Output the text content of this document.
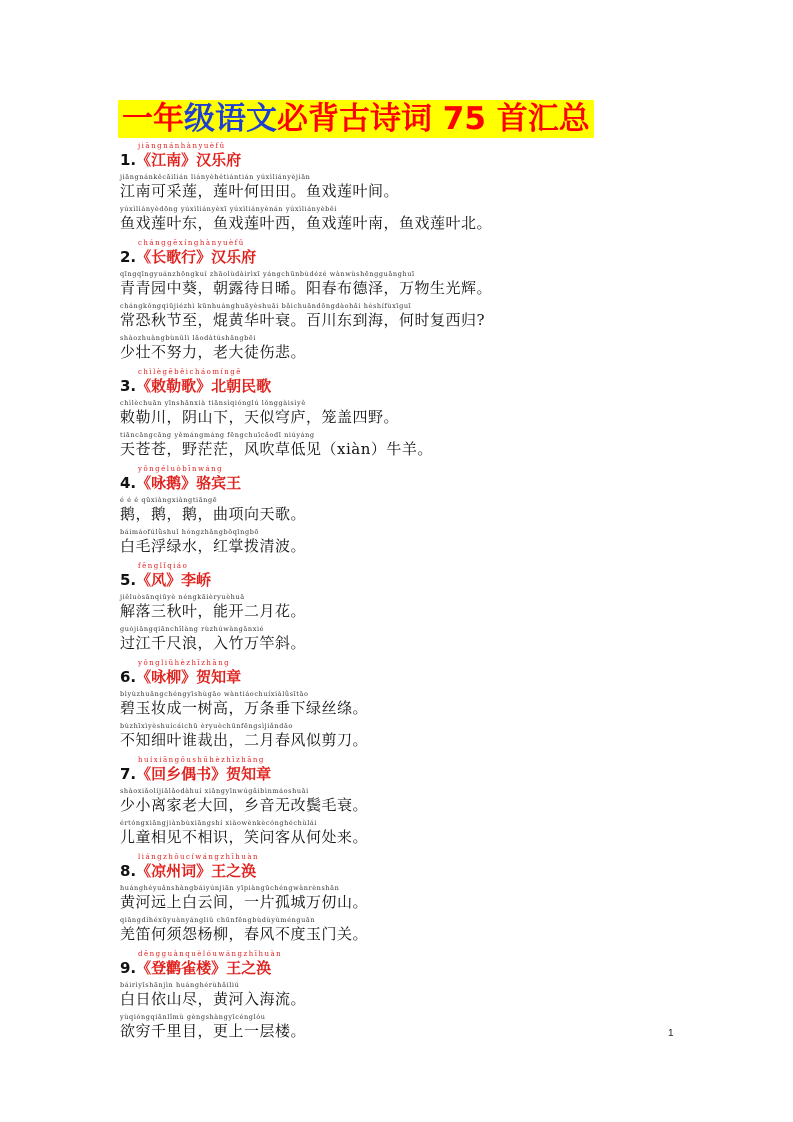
一年级语文必背古诗词 75 首汇总
jiāngnánhànyuèfǔ
1.《江南》汉乐府
jiāngnánkěcǎilián liányèhétiántián yúxìliányèjiān
江南可采莲，莲叶何田田。鱼戏莲叶间。
yúxìliányèdōng yúxìliányèxī yúxìliányènán yúxìliányèběi
鱼戏莲叶东，鱼戏莲叶西，鱼戏莲叶南，鱼戏莲叶北。
chánggēxínghànyuèfǔ
2.《长歌行》汉乐府
qīngqīngyuánzhōngkuí zhāolùdàirìxī yángchūnbùdézé wànwùshēngguānghuī
青青园中葵，朝露待日晞。阳春布德泽，万物生光辉。
chángkǒngqiūjiézhì kūnhuánghuāyèshuāi bǎichuāndōngdàohǎi héshífùxīguī
常恐秋节至，焜黄华叶衰。百川东到海，何时复西归?
shàozhuàngbùnǔlì lǎodàtúshāngbēi
少壮不努力，老大徒伤悲。
chìlègēběicháomíngē
3.《敕勒歌》北朝民歌
chìlèchuān yīnshānxià tiānsìqiónglú lǒnggàisìyě
敕勒川，阴山下，天似穹庐，笼盖四野。
tiāncāngcāng yěmángmáng fēngchuīcǎodī niúyáng
天苍苍，野茫茫，风吹草低见（xiàn）牛羊。
yǒngéluòbīnwáng
4.《咏鹅》骆宾王
é é é qūxiàngxiàngtiāngē
鹅，鹅，鹅，曲项向天歌。
báimáofúlǜshuǐ hóngzhǎngbōqīngbō
白毛浮绿水，红掌拨清波。
fēnglǐqiáo
5.《风》李峤
jiěluòsānqiūyè néngkāièryuèhuā
解落三秋叶，能开二月花。
guòjiāngqiānchǐlàng rùzhúwàngānxié
过江千尺浪，入竹万竿斜。
yǒngliǔhèzhīzhāng
6.《咏柳》贺知章
bìyùzhuāngchéngyīshùgāo wàntiáochuíxiàlǜsītāo
碧玉妆成一树高，万条垂下绿丝绦。
bùzhīxìyèshuícáichū èryuèchūnfēngsìjiǎndāo
不知细叶谁裁出，二月春风似剪刀。
huíxiāngǒushūhèzhīzhāng
7.《回乡偶书》贺知章
shàoxiǎolíjiālǎodàhuí xiāngyīnwúgǎibìnmáoshuāi
少小离家老大回，乡音无改鬓毛衰。
értóngxiāngjiànbùxiāngshí xiàowènkècónghéchùlái
儿童相见不相识，笑问客从何处来。
liángzhōucíwángzhīhuàn
8.《凉州词》王之涣
huánghéyuǎnshàngbáiyúnjiān yīpiàngūchéngwànrènshān
黄河远上白云间，一片孤城万仞山。
qiāngdíhéxūyuànyángliǔ chūnfēngbùdùyùménguān
羌笛何须怨杨柳，春风不度玉门关。
dēngguànquèlóuwángzhīhuàn
9.《登鹳雀楼》王之涣
báirìyīshānjìn huánghérùhǎiliú
白日依山尽，黄河入海流。
yùqióngqiānlǐmù gèngshàngyīcénglóu
欲穷千里目，更上一层楼。	1
